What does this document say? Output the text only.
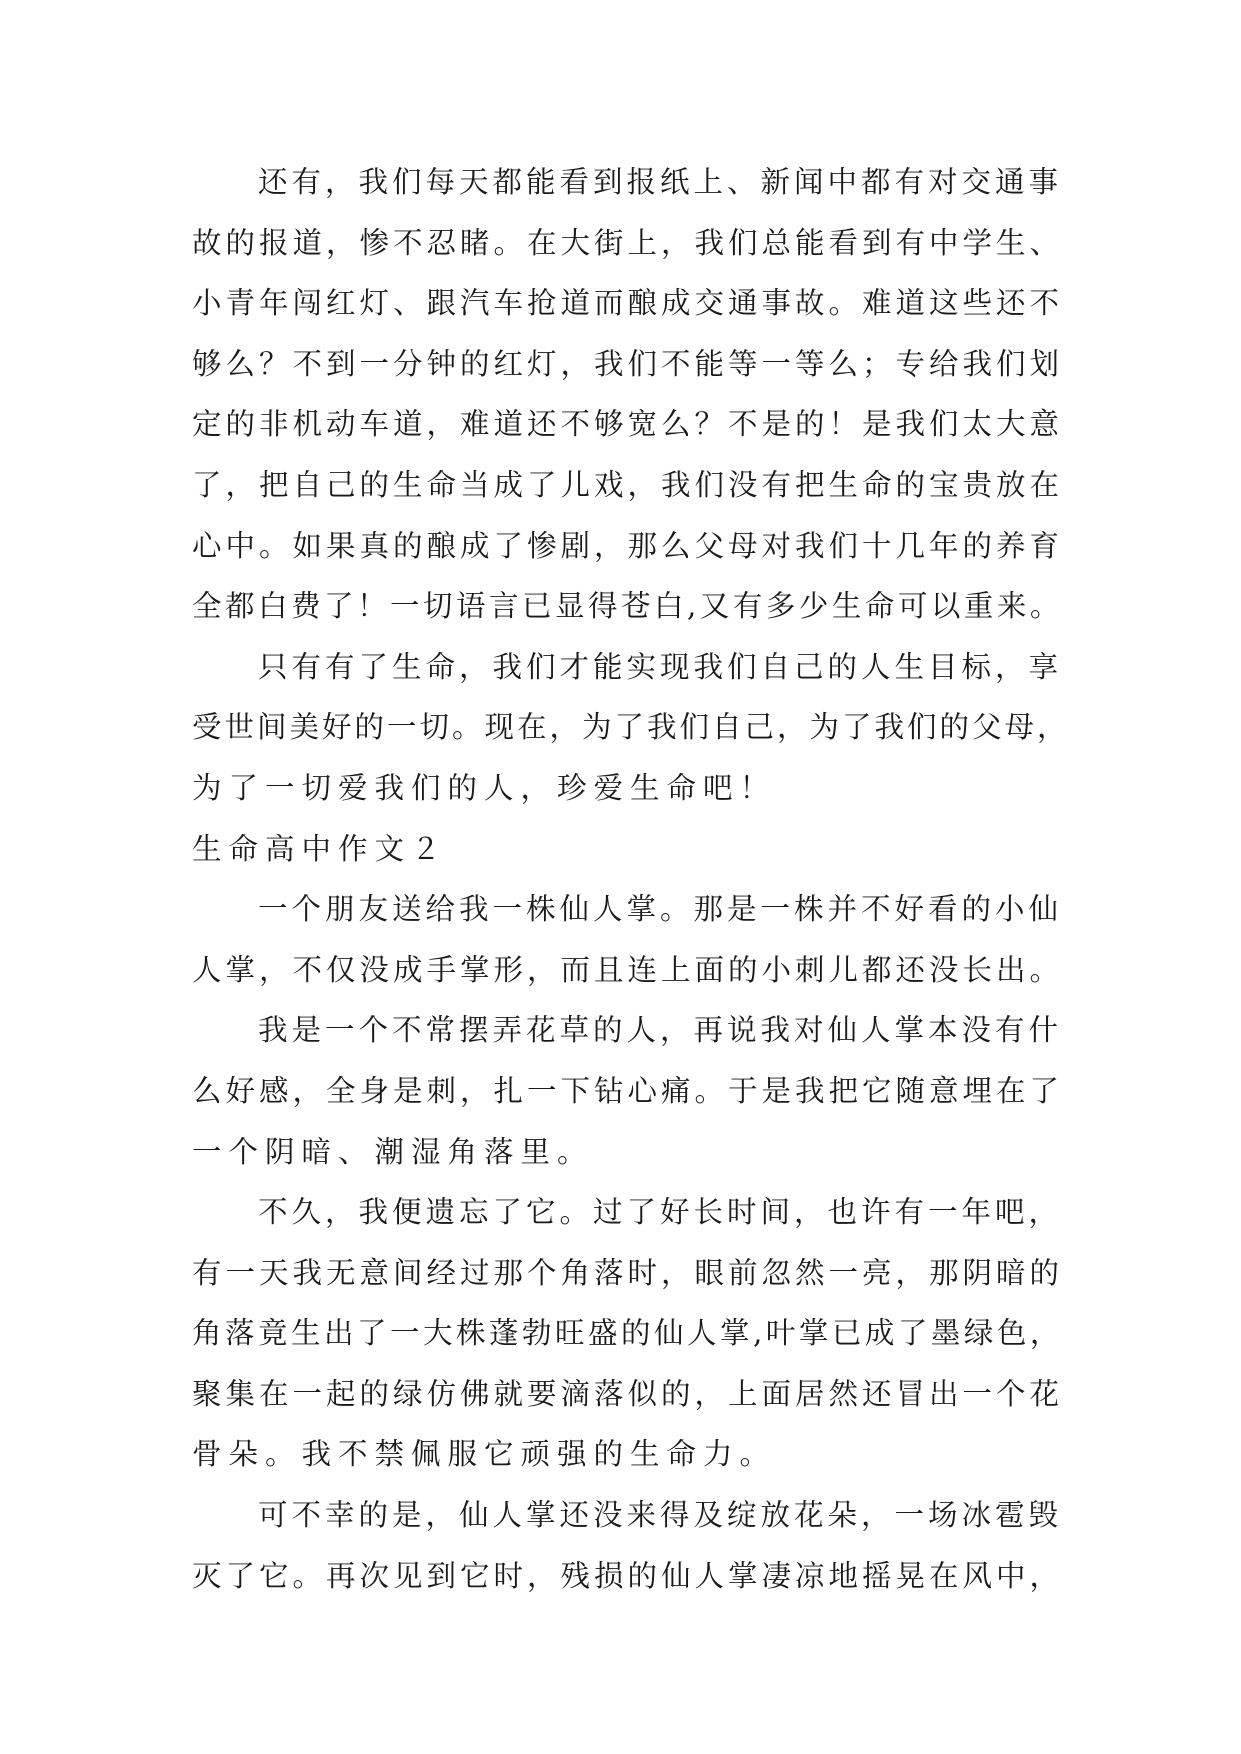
还有，我们每天都能看到报纸上、新闻中都有对交通事
故的报道，惨不忍睹。在大街上，我们总能看到有中学生、
小青年闯红灯、跟汽车抢道而酿成交通事故。难道这些还不
够么？不到一分钟的红灯，我们不能等一等么；专给我们划
定的非机动车道，难道还不够宽么？不是的！是我们太大意
了，把自己的生命当成了儿戏，我们没有把生命的宝贵放在
心中。如果真的酿成了惨剧，那么父母对我们十几年的养育
全都白费了！一切语言已显得苍白,又有多少生命可以重来。
只有有了生命，我们才能实现我们自己的人生目标，享
受世间美好的一切。现在，为了我们自己，为了我们的父母，
为了一切爱我们的人，珍爱生命吧！
生命高中作文２
一个朋友送给我一株仙人掌。那是一株并不好看的小仙
人掌，不仅没成手掌形，而且连上面的小刺儿都还没长出。
我是一个不常摆弄花草的人，再说我对仙人掌本没有什
么好感，全身是刺，扎一下钻心痛。于是我把它随意埋在了
一个阴暗、潮湿角落里。
不久，我便遗忘了它。过了好长时间，也许有一年吧，
有一天我无意间经过那个角落时，眼前忽然一亮，那阴暗的
角落竟生出了一大株蓬勃旺盛的仙人掌,叶掌已成了墨绿色，
聚集在一起的绿仿佛就要滴落似的，上面居然还冒出一个花
骨朵。我不禁佩服它顽强的生命力。
可不幸的是，仙人掌还没来得及绽放花朵，一场冰雹毁
灭了它。再次见到它时，残损的仙人掌凄凉地摇晃在风中，
